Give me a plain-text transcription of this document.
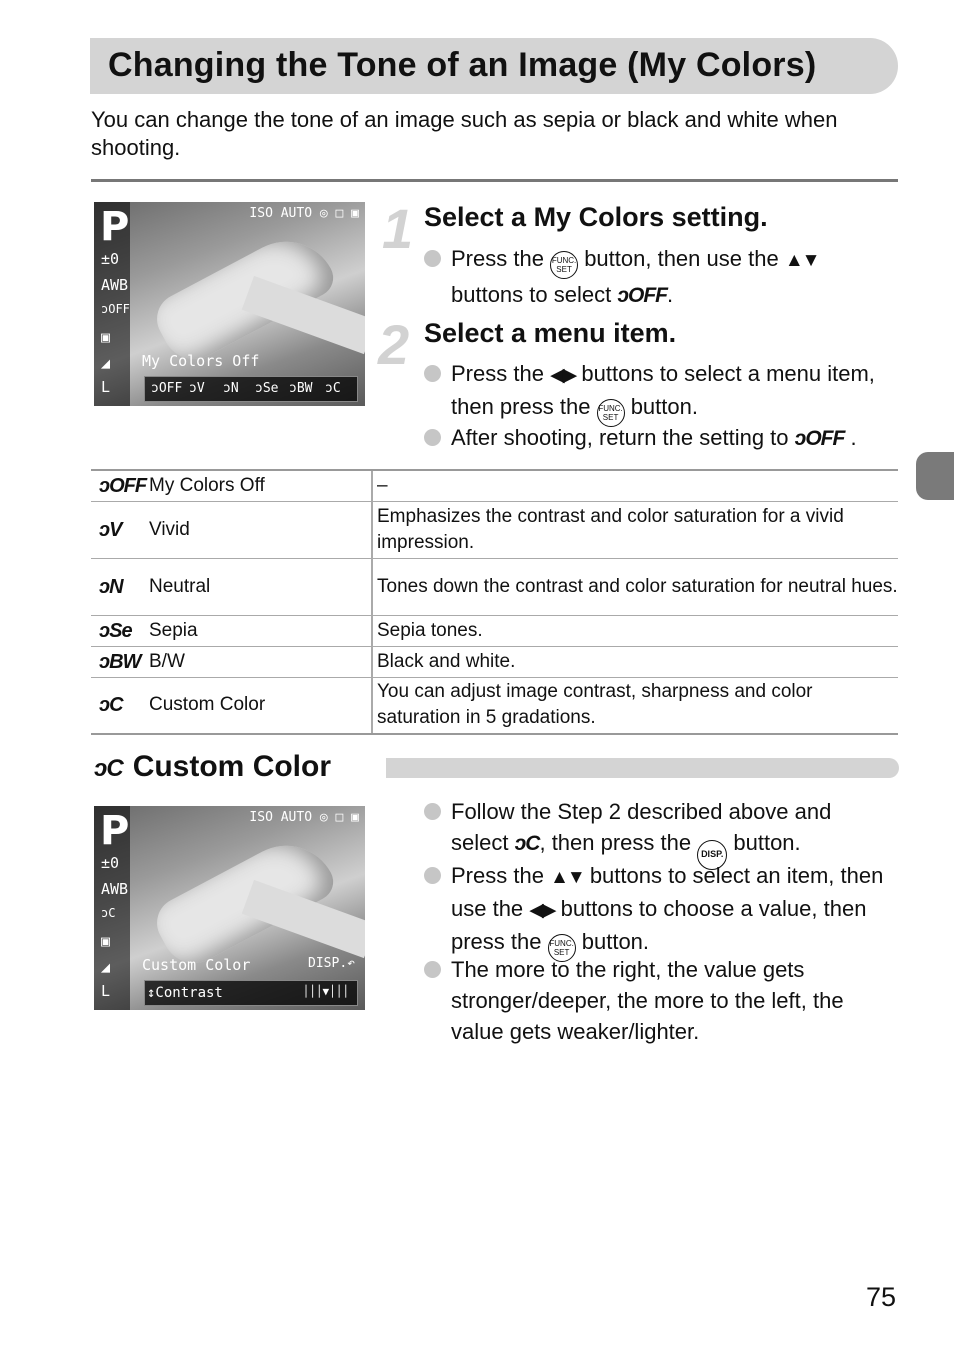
Changing the Tone of an Image (My Colors)

You can change the tone of an image such as sepia or black and white when shooting.

P
±0
AWB
ɔOFF
▣
◢
L
ISO AUTO ◎ □ ▣
My Colors Off
ɔOFF ɔV ɔN ɔSe ɔBW ɔC
1 Select a My Colors setting.
Press the FUNC.
SET button, then use the ▲▼ buttons to select ɔOFF.
2 Select a menu item.
Press the ◀▶ buttons to select a menu item, then press the FUNC.
SET button.
After shooting, return the setting to ɔOFF .
ɔOFF	My Colors Off	–
ɔV	Vivid	Emphasizes the contrast and color saturation for a vivid impression.
ɔN	Neutral	Tones down the contrast and color saturation for neutral hues.
ɔSe	Sepia	Sepia tones.
ɔBW	B/W	Black and white.
ɔC	Custom Color	You can adjust image contrast, sharpness and color saturation in 5 gradations.
ɔC Custom Color
P
±0
AWB
ɔC
▣
◢
L
ISO AUTO ◎ □ ▣
Custom Color	DISP.↶
↕Contrast	│││▼│││
Follow the Step 2 described above and select ɔC, then press the DISP. button.
Press the ▲▼ buttons to select an item, then use the ◀▶ buttons to choose a value, then press the FUNC.
SET button.
The more to the right, the value gets stronger/deeper, the more to the left, the value gets weaker/lighter.
75
